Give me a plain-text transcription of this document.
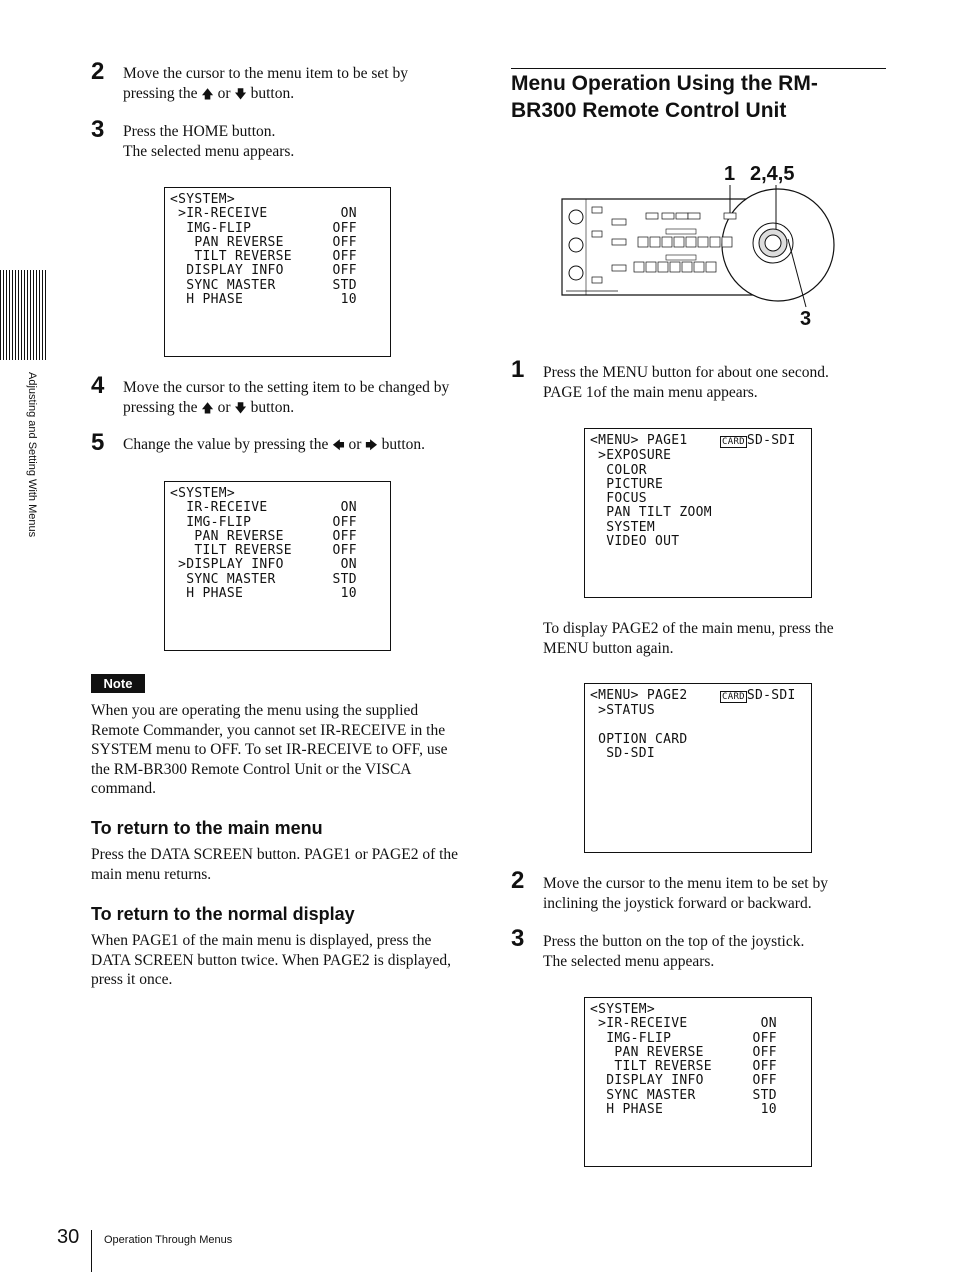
Adjusting and Setting With Menus
2 Move the cursor to the menu item to be set by pressing the 🡅 or 🡇 button.
3 Press the HOME button.
The selected menu appears.
<SYSTEM>
>IR-RECEIVE         ON
IMG-FLIP          OFF
PAN REVERSE      OFF
TILT REVERSE     OFF
DISPLAY INFO      OFF
SYNC MASTER       STD
H PHASE            10
4 Move the cursor to the setting item to be changed by pressing the 🡅 or 🡇 button.
5 Change the value by pressing the 🡄 or 🡆 button.
<SYSTEM>
IR-RECEIVE         ON
IMG-FLIP          OFF
PAN REVERSE      OFF
TILT REVERSE     OFF
>DISPLAY INFO       ON
SYNC MASTER       STD
H PHASE            10
Note
When you are operating the menu using the supplied Remote Commander, you cannot set IR-RECEIVE in the SYSTEM menu to OFF. To set IR-RECEIVE to OFF, use the RM-BR300 Remote Control Unit or the VISCA command.
To return to the main menu
Press the DATA SCREEN button. PAGE1 or PAGE2 of the main menu returns.
To return to the normal display
When PAGE1 of the main menu is displayed, press the DATA SCREEN button twice. When PAGE2 is displayed, press it once.
Menu Operation Using the RM-BR300 Remote Control Unit
1 2,4,5
3
1 Press the MENU button for about one second.
PAGE 1of the main menu appears.
<MENU> PAGE1    CARD SD-SDI
>EXPOSURE
COLOR
PICTURE
FOCUS
PAN TILT ZOOM
SYSTEM
VIDEO OUT
To display PAGE2 of the main menu, press the MENU button again.
<MENU> PAGE2    CARD SD-SDI
>STATUS

OPTION CARD
SD-SDI
2 Move the cursor to the menu item to be set by inclining the joystick forward or backward.
3 Press the button on the top of the joystick.
The selected menu appears.
<SYSTEM>
>IR-RECEIVE         ON
IMG-FLIP          OFF
PAN REVERSE      OFF
TILT REVERSE     OFF
DISPLAY INFO      OFF
SYNC MASTER       STD
H PHASE            10
30 Operation Through Menus
